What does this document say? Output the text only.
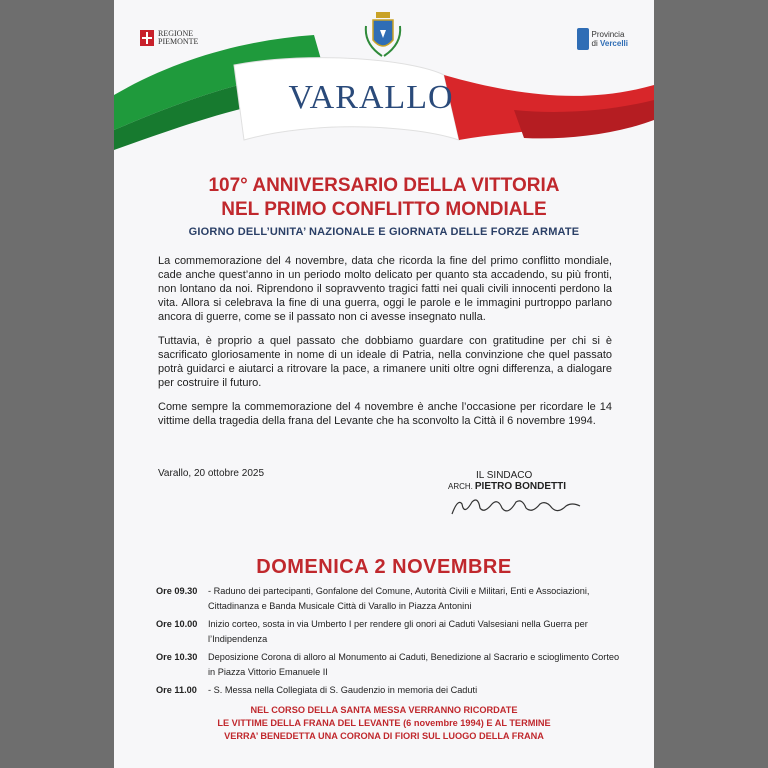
VARALLO
REGIONE
PIEMONTE
Provincia
di Vercelli
107° ANNIVERSARIO DELLA VITTORIA
NEL PRIMO CONFLITTO MONDIALE
GIORNO DELL’UNITA’ NAZIONALE E GIORNATA DELLE FORZE ARMATE

La commemorazione del 4 novembre, data che ricorda la fine del primo conflitto mondiale, cade anche quest’anno in un periodo molto delicato per quanto sta accadendo, su più fronti, non lontano da noi. Riprendono il sopravvento tragici fatti nei quali civili innocenti perdono la vita. Allora si celebrava la fine di una guerra, oggi le parole e le immagini purtroppo parlano ancora di guerre, come se il passato non ci avesse insegnato nulla.

Tuttavia, è proprio a quel passato che dobbiamo guardare con gratitudine per chi si è sacrificato gloriosamente in nome di un ideale di Patria, nella convinzione che quel passato potrà guidarci e aiutarci a ritrovare la pace, a rimanere uniti oltre ogni differenza, a dialogare per costruire il futuro.

Come sempre la commemorazione del 4 novembre è anche l’occasione per ricordare le 14 vittime della tragedia della frana del Levante che ha sconvolto la Città il 6 novembre 1994.

Varallo, 20 ottobre 2025	IL SINDACO
ARCH. PIETRO BONDETTI
DOMENICA 2 NOVEMBRE
Ore 09.30	- Raduno dei partecipanti, Gonfalone del Comune, Autorità Civili e Militari, Enti e Associazioni, Cittadinanza e Banda Musicale Città di Varallo in Piazza Antonini
Ore 10.00	Inizio corteo, sosta in via Umberto I per rendere gli onori ai Caduti Valsesiani nella Guerra per l’Indipendenza
Ore 10.30	Deposizione Corona di alloro al Monumento ai Caduti, Benedizione al Sacrario e scioglimento Corteo in Piazza Vittorio Emanuele II
Ore 11.00	- S. Messa nella Collegiata di S. Gaudenzio in memoria dei Caduti
NEL CORSO DELLA SANTA MESSA VERRANNO RICORDATE
LE VITTIME DELLA FRANA DEL LEVANTE (6 novembre 1994) E AL TERMINE
VERRA’ BENEDETTA UNA CORONA DI FIORI SUL LUOGO DELLA FRANA
